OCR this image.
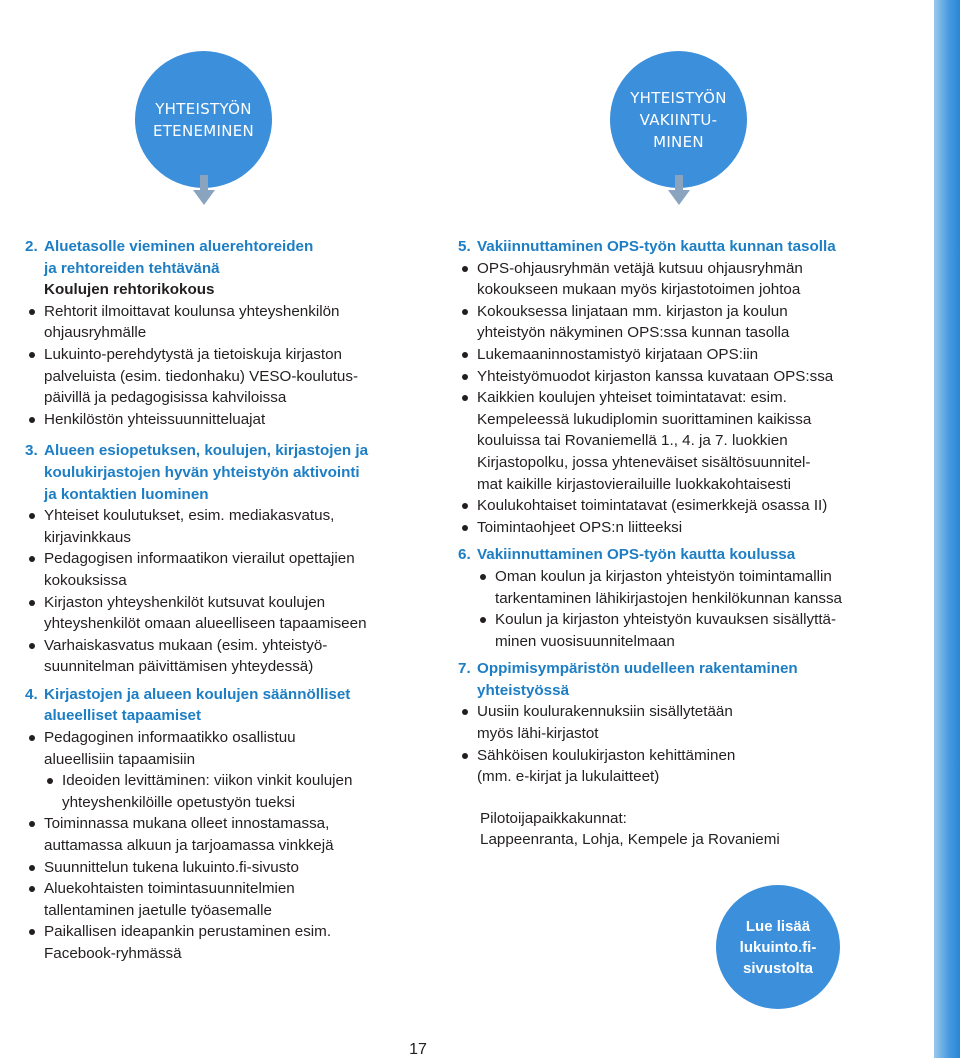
YHTEISTYÖN
ETENEMINEN
YHTEISTYÖN
VAKIINTU-
MINEN
2. Aluetasolle vieminen aluerehtoreiden
ja rehtoreiden tehtävänä
Koulujen rehtorikokous
Rehtorit ilmoittavat koulunsa yhteyshenkilön
ohjausryhmälle
Lukuinto-perehdytystä ja tietoiskuja kirjaston
palveluista (esim. tiedonhaku) VESO-koulutus-
päivillä ja pedagogisissa kahviloissa
Henkilöstön yhteissuunnitteluajat
3. Alueen esiopetuksen, koulujen, kirjastojen ja
koulukirjastojen hyvän yhteistyön aktivointi
ja kontaktien luominen
Yhteiset koulutukset, esim. mediakasvatus,
kirjavinkkaus
Pedagogisen informaatikon vierailut opettajien
kokouksissa
Kirjaston yhteyshenkilöt kutsuvat koulujen
yhteyshenkilöt omaan alueelliseen tapaamiseen
Varhaiskasvatus mukaan (esim. yhteistyö-
suunnitelman päivittämisen yhteydessä)
4. Kirjastojen ja alueen koulujen säännölliset
alueelliset tapaamiset
Pedagoginen informaatikko osallistuu
alueellisiin tapaamisiin
Ideoiden levittäminen: viikon vinkit koulujen
yhteyshenkilöille opetustyön tueksi
Toiminnassa mukana olleet innostamassa,
auttamassa alkuun ja tarjoamassa vinkkejä
Suunnittelun tukena lukuinto.fi-sivusto
Aluekohtaisten toimintasuunnitelmien
tallentaminen jaetulle työasemalle
Paikallisen ideapankin perustaminen esim.
Facebook-ryhmässä
5. Vakiinnuttaminen OPS-työn kautta kunnan tasolla
OPS-ohjausryhmän vetäjä kutsuu ohjausryhmän
kokoukseen mukaan myös kirjastotoimen johtoa
Kokouksessa linjataan mm. kirjaston ja koulun
yhteistyön näkyminen OPS:ssa kunnan tasolla
Lukemaaninnostamistyö kirjataan OPS:iin
Yhteistyömuodot kirjaston kanssa kuvataan OPS:ssa
Kaikkien koulujen yhteiset toimintatavat: esim.
Kempeleessä lukudiplomin suorittaminen kaikissa
kouluissa tai Rovaniemellä 1., 4. ja 7. luokkien
Kirjastopolku, jossa yhteneväiset sisältösuunnitel-
mat kaikille kirjastovierailuille luokkakohtaisesti
Koulukohtaiset toimintatavat (esimerkkejä osassa II)
Toimintaohjeet OPS:n liitteeksi
6. Vakiinnuttaminen OPS-työn kautta koulussa
Oman koulun ja kirjaston yhteistyön toimintamallin
tarkentaminen lähikirjastojen henkilökunnan kanssa
Koulun ja kirjaston yhteistyön kuvauksen sisällyttä-
minen vuosisuunnitelmaan
7. Oppimisympäristön uudelleen rakentaminen
yhteistyössä
Uusiin koulurakennuksiin sisällytetään
myös lähi-kirjastot
Sähköisen koulukirjaston kehittäminen
(mm. e-kirjat ja lukulaitteet)
Pilotoijapaikkakunnat:
Lappeenranta, Lohja, Kempele ja Rovaniemi
Lue lisää
lukuinto.fi-
sivustolta
17
